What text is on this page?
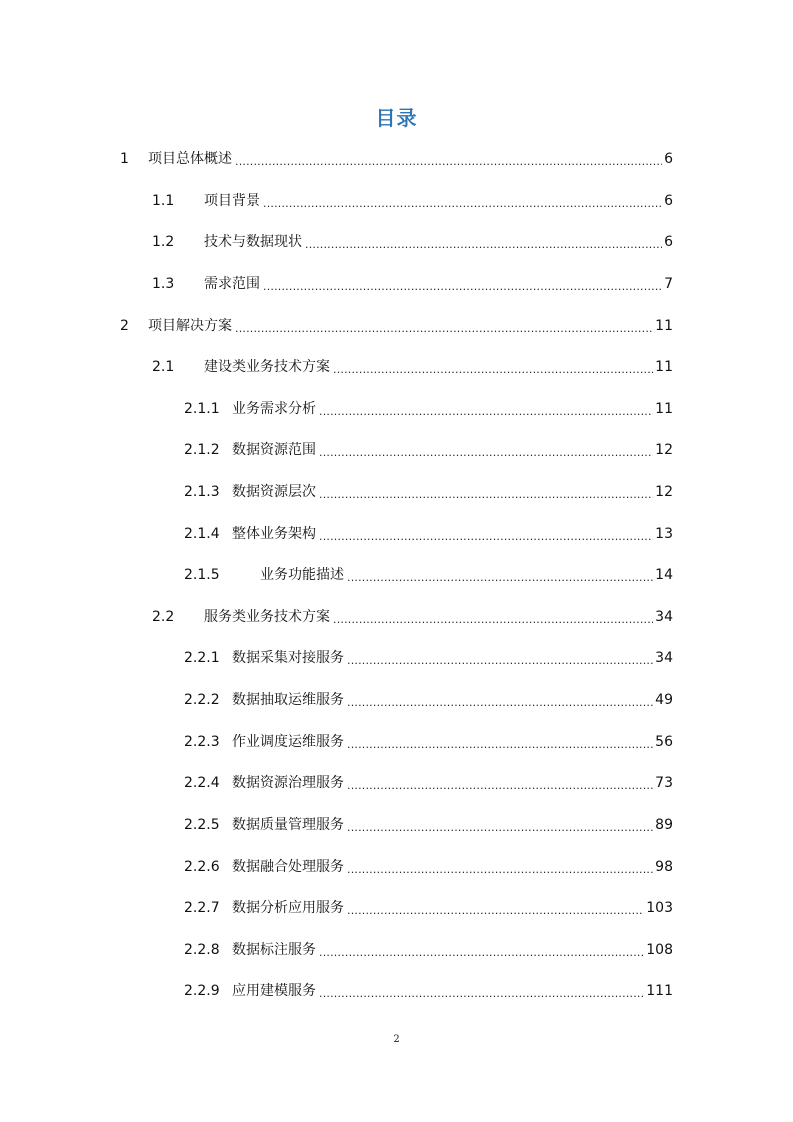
目录
1	项目总体概述 .....	6
1.1	项目背景 .....	6
1.2	技术与数据现状 .....	6
1.3	需求范围 .....	7
2	项目解决方案 .....	11
2.1	建设类业务技术方案 .....	11
2.1.1 业务需求分析 .....	11
2.1.2 数据资源范围 .....	12
2.1.3 数据资源层次 .....	12
2.1.4 整体业务架构 .....	13
2.1.5	业务功能描述 .....	14
2.2	服务类业务技术方案 .....	34
2.2.1 数据采集对接服务 .....	34
2.2.2 数据抽取运维服务 .....	49
2.2.3 作业调度运维服务 .....	56
2.2.4 数据资源治理服务 .....	73
2.2.5 数据质量管理服务 .....	89
2.2.6 数据融合处理服务 .....	98
2.2.7 数据分析应用服务 .....	103
2.2.8 数据标注服务 .....	108
2.2.9 应用建模服务 .....	111
2
